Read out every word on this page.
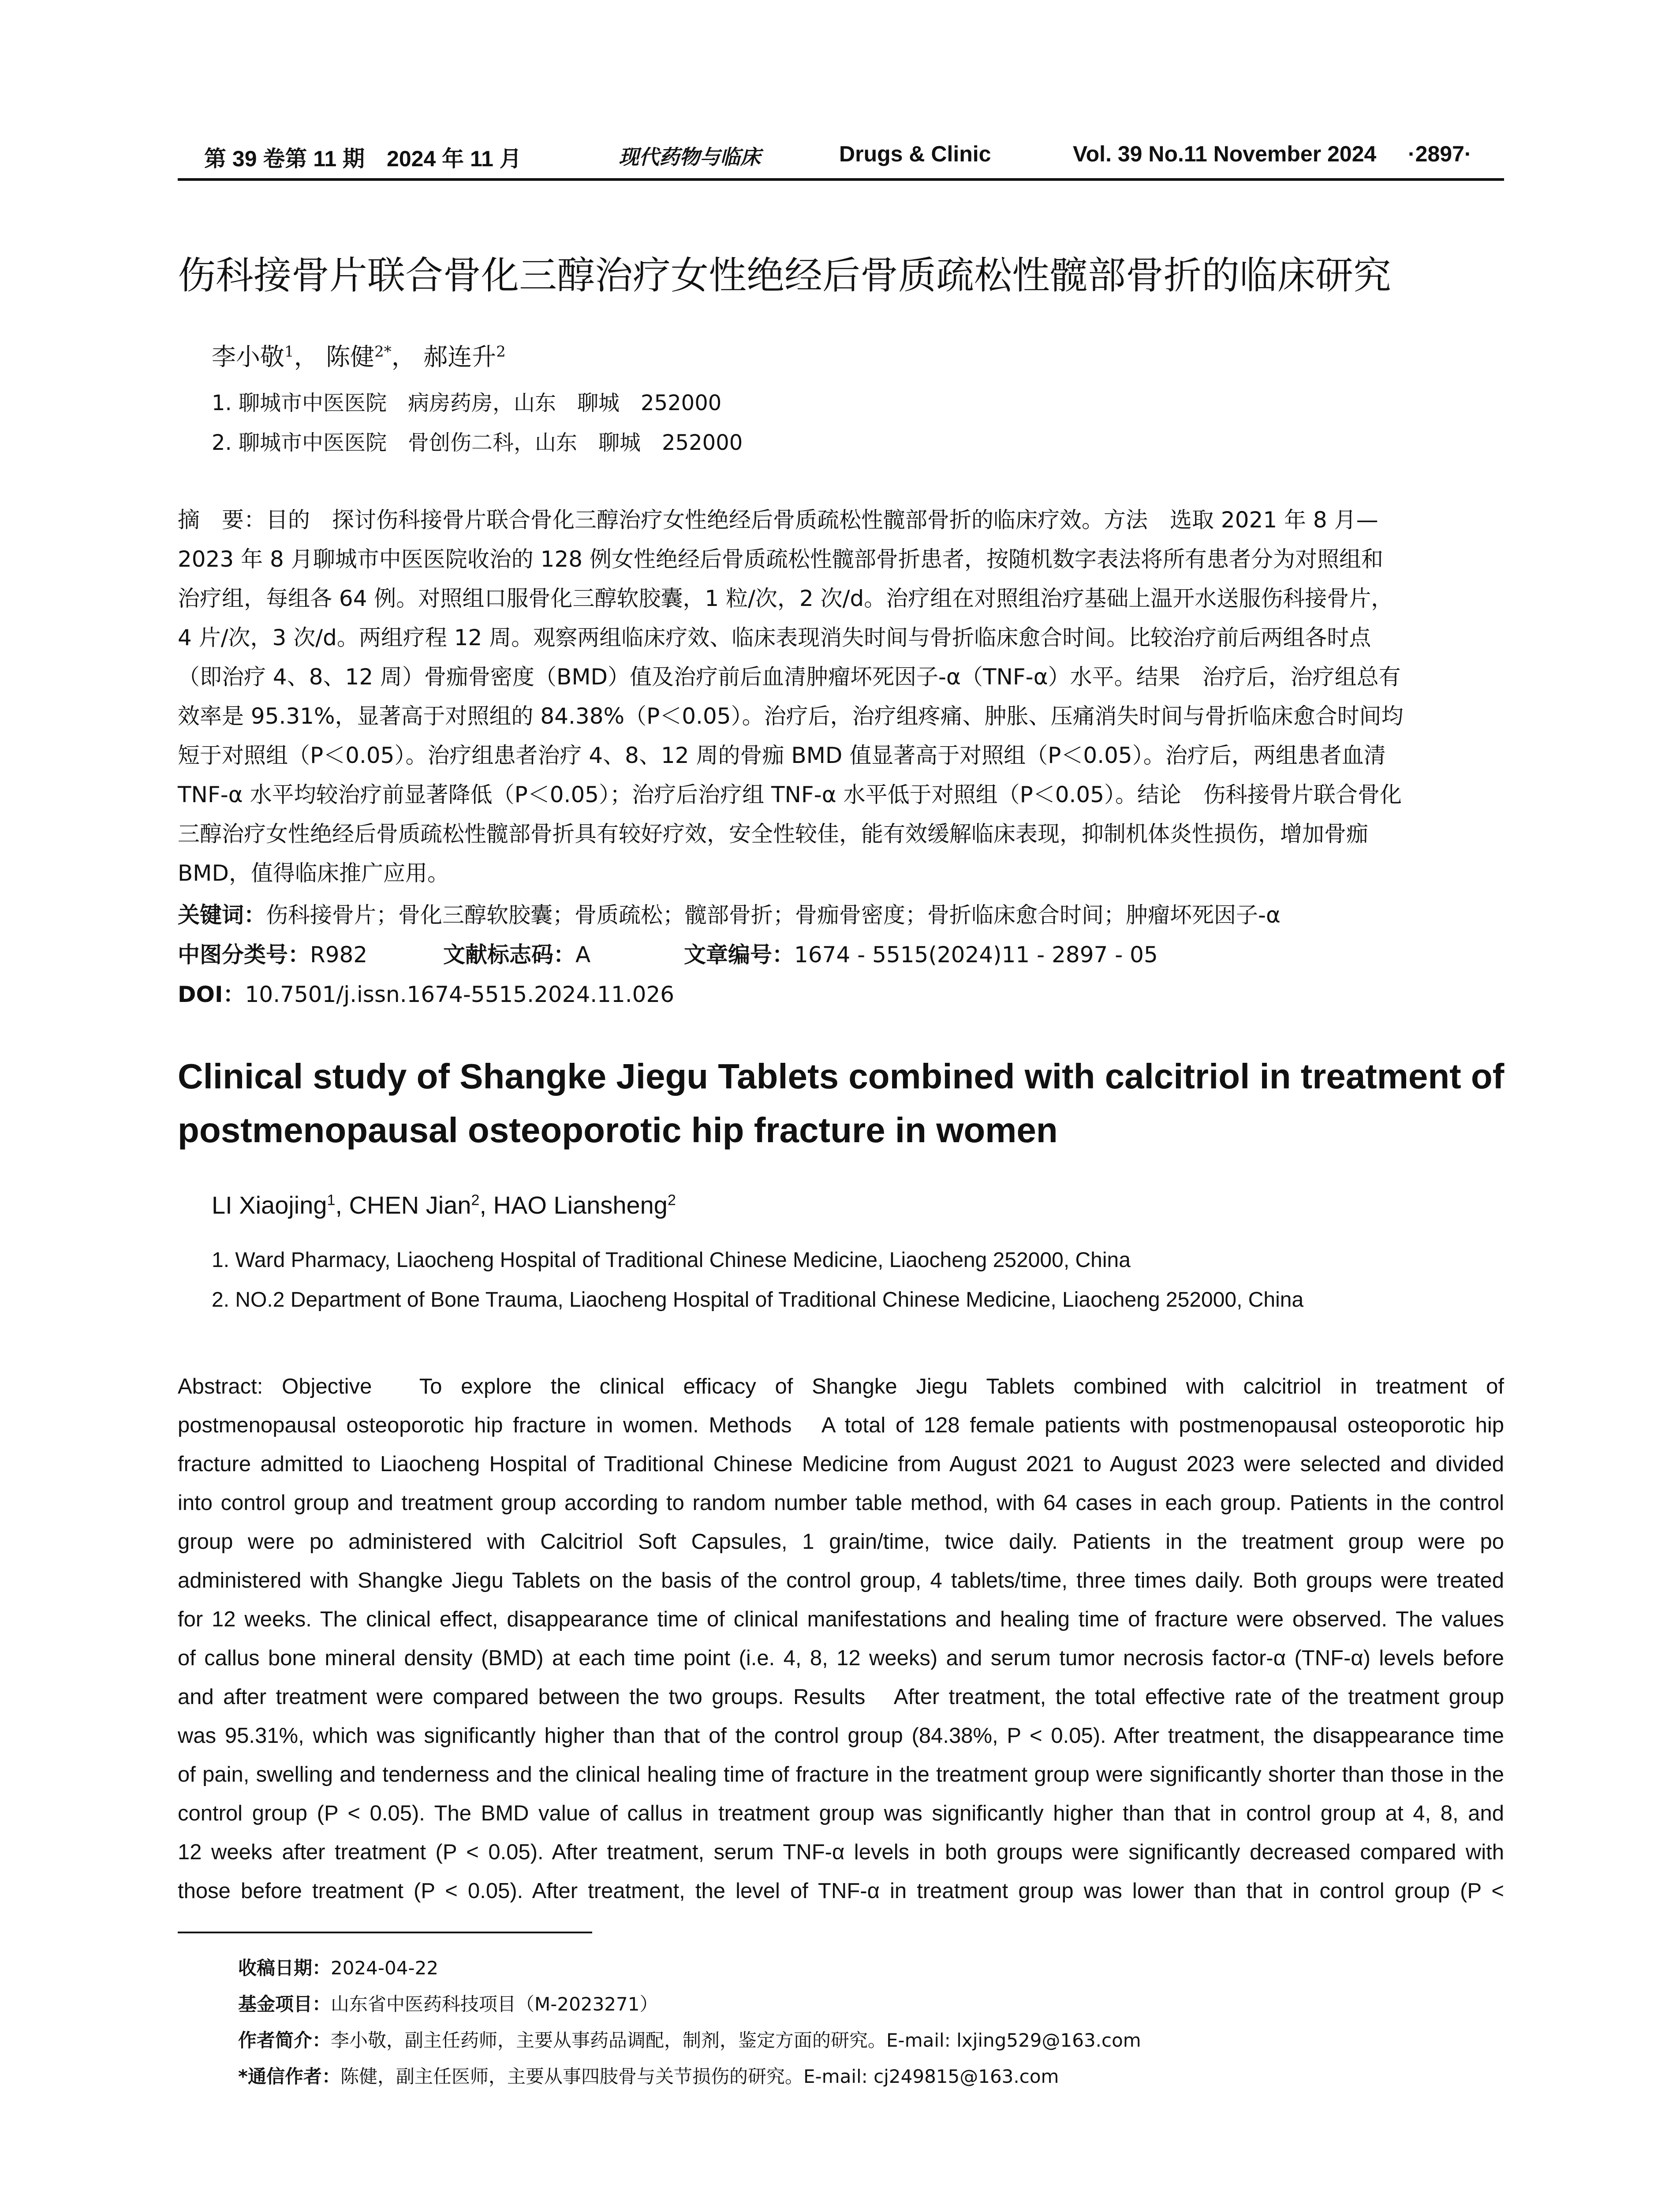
第 39 卷第 11 期　2024 年 11 月	现代药物与临床	Drugs & Clinic	Vol. 39 No.11 November 2024 ·2897·
伤科接骨片联合骨化三醇治疗女性绝经后骨质疏松性髋部骨折的临床研究
李小敬$^1$， 陈健$^{2*}$， 郝连升$^2$
1. 聊城市中医医院　病房药房，山东　聊城　252000
2. 聊城市中医医院　骨创伤二科，山东　聊城　252000
摘　要：目的　探讨伤科接骨片联合骨化三醇治疗女性绝经后骨质疏松性髋部骨折的临床疗效。方法　选取 2021 年 8 月—
2023 年 8 月聊城市中医医院收治的 128 例女性绝经后骨质疏松性髋部骨折患者，按随机数字表法将所有患者分为对照组和
治疗组，每组各 64 例。对照组口服骨化三醇软胶囊，1 粒/次，2 次/d。治疗组在对照组治疗基础上温开水送服伤科接骨片，
4 片/次，3 次/d。两组疗程 12 周。观察两组临床疗效、临床表现消失时间与骨折临床愈合时间。比较治疗前后两组各时点
（即治疗 4、8、12 周）骨痂骨密度（BMD）值及治疗前后血清肿瘤坏死因子-α（TNF-α）水平。结果　治疗后，治疗组总有
效率是 95.31%，显著高于对照组的 84.38%（P＜0.05）。治疗后，治疗组疼痛、肿胀、压痛消失时间与骨折临床愈合时间均
短于对照组（P＜0.05）。治疗组患者治疗 4、8、12 周的骨痂 BMD 值显著高于对照组（P＜0.05）。治疗后，两组患者血清
TNF-α 水平均较治疗前显著降低（P＜0.05）；治疗后治疗组 TNF-α 水平低于对照组（P＜0.05）。结论　伤科接骨片联合骨化
三醇治疗女性绝经后骨质疏松性髋部骨折具有较好疗效，安全性较佳，能有效缓解临床表现，抑制机体炎性损伤，增加骨痂
BMD，值得临床推广应用。
关键词：伤科接骨片；骨化三醇软胶囊；骨质疏松；髋部骨折；骨痂骨密度；骨折临床愈合时间；肿瘤坏死因子-α
中图分类号：R982	文献标志码：A	文章编号：1674 - 5515(2024)11 - 2897 - 05
DOI：10.7501/j.issn.1674-5515.2024.11.026
Clinical study of Shangke Jiegu Tablets combined with calcitriol in treatment of
postmenopausal osteoporotic hip fracture in women
LI Xiaojing$^1$, CHEN Jian$^2$, HAO Liansheng$^2$
1. Ward Pharmacy, Liaocheng Hospital of Traditional Chinese Medicine, Liaocheng 252000, China
2. NO.2 Department of Bone Trauma, Liaocheng Hospital of Traditional Chinese Medicine, Liaocheng 252000, China
Abstract: Objective　To explore the clinical efficacy of Shangke Jiegu Tablets combined with calcitriol in treatment of
postmenopausal osteoporotic hip fracture in women. Methods　A total of 128 female patients with postmenopausal osteoporotic hip
fracture admitted to Liaocheng Hospital of Traditional Chinese Medicine from August 2021 to August 2023 were selected and divided
into control group and treatment group according to random number table method, with 64 cases in each group. Patients in the control
group were po administered with Calcitriol Soft Capsules, 1 grain/time, twice daily. Patients in the treatment group were po
administered with Shangke Jiegu Tablets on the basis of the control group, 4 tablets/time, three times daily. Both groups were treated
for 12 weeks. The clinical effect, disappearance time of clinical manifestations and healing time of fracture were observed. The values
of callus bone mineral density (BMD) at each time point (i.e. 4, 8, 12 weeks) and serum tumor necrosis factor-α (TNF-α) levels before
and after treatment were compared between the two groups. Results　After treatment, the total effective rate of the treatment group
was 95.31%, which was significantly higher than that of the control group (84.38%, P < 0.05). After treatment, the disappearance time
of pain, swelling and tenderness and the clinical healing time of fracture in the treatment group were significantly shorter than those in the
control group (P < 0.05). The BMD value of callus in treatment group was significantly higher than that in control group at 4, 8, and
12 weeks after treatment (P < 0.05). After treatment, serum TNF-α levels in both groups were significantly decreased compared with
those before treatment (P < 0.05). After treatment, the level of TNF-α in treatment group was lower than that in control group (P <
收稿日期：2024-04-22
基金项目：山东省中医药科技项目（M-2023271）
作者简介：李小敬，副主任药师，主要从事药品调配，制剂，鉴定方面的研究。E-mail: lxjing529@163.com
*通信作者：陈健，副主任医师，主要从事四肢骨与关节损伤的研究。E-mail: cj249815@163.com
